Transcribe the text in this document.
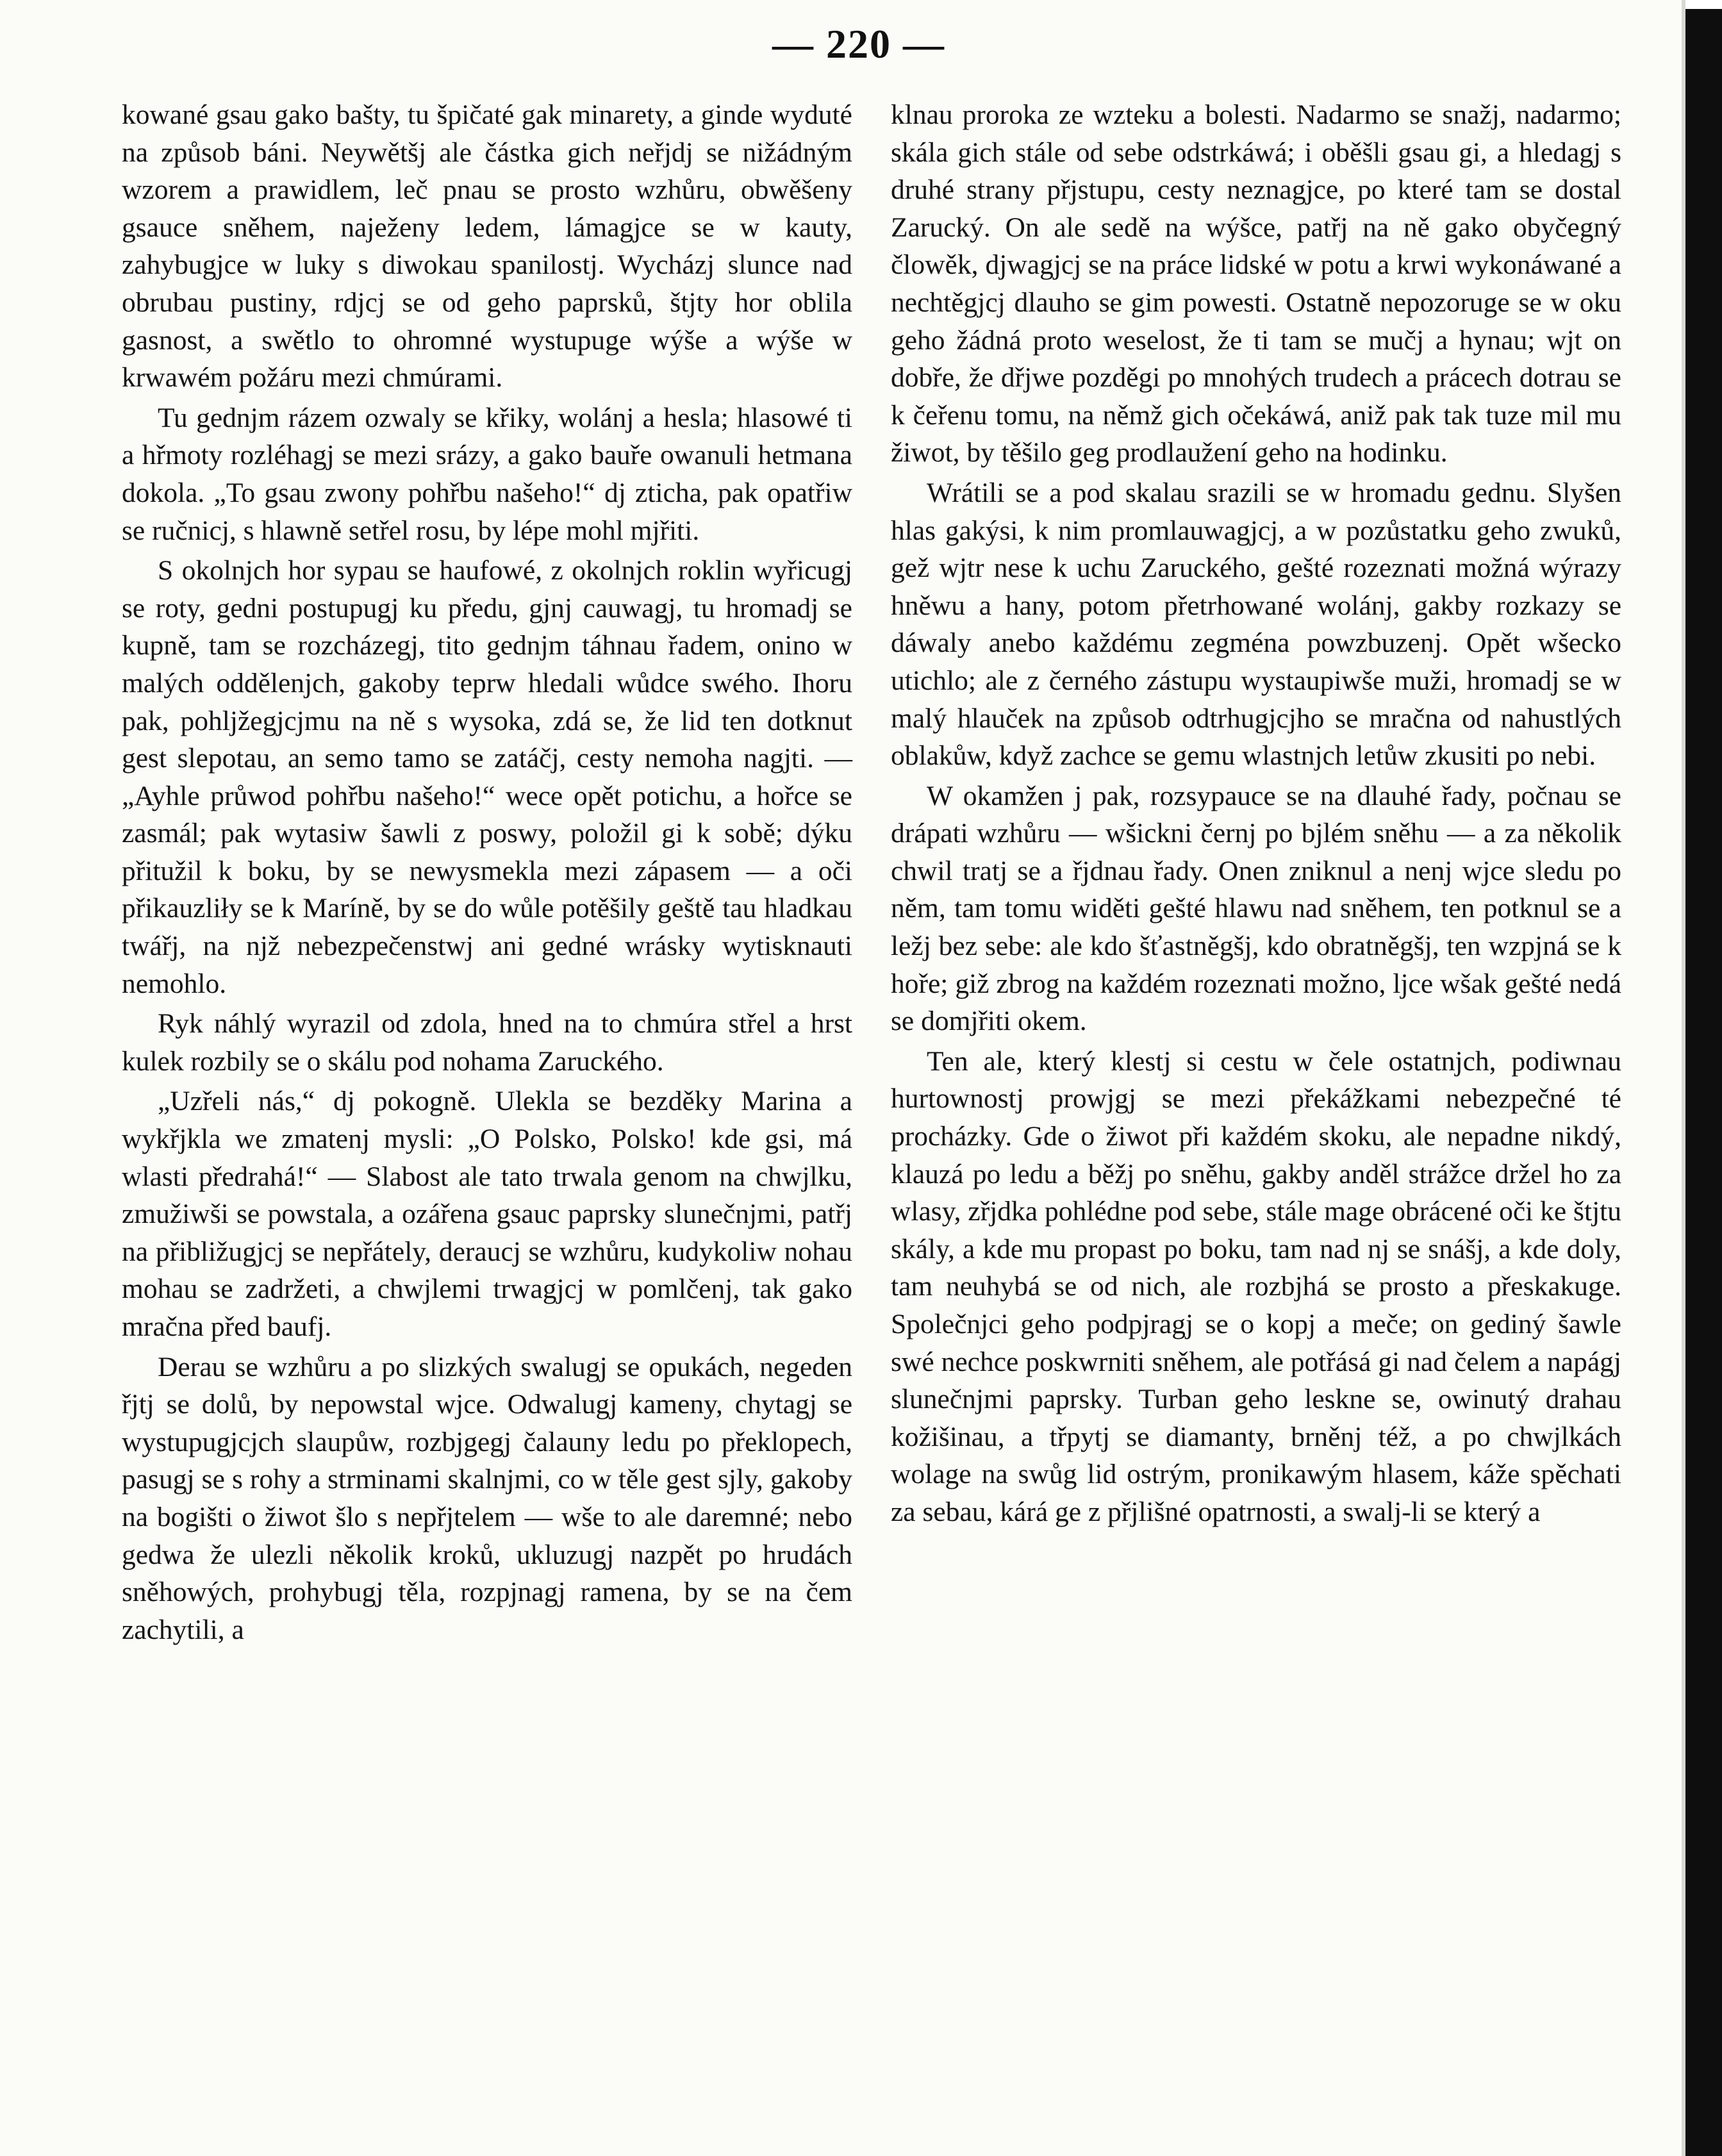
— 220 —

kowané gsau gako bašty, tu špičaté gak minarety, a ginde wyduté na způsob báni. Neywětšj ale částka gich neřjdj se nižádným wzorem a prawidlem, leč pnau se prosto wzhůru, obwěšeny gsauce sněhem, naježeny ledem, lámagjce se w kauty, zahybugjce w luky s diwokau spanilostj. Wycházj slunce nad obrubau pustiny, rdjcj se od geho paprsků, štjty hor oblila gasnost, a swětlo to ohromné wystupuge wýše a wýše w krwawém požáru mezi chmúrami.

Tu gednjm rázem ozwaly se křiky, wolánj a hesla; hlasowé ti a hřmoty rozléhagj se mezi srázy, a gako bauře owanuli hetmana dokola. „To gsau zwony pohřbu našeho!“ dj zticha, pak opatřiw se ručnicj, s hlawně setřel rosu, by lépe mohl mjřiti.

S okolnjch hor sypau se haufowé, z okolnjch roklin wyřicugj se roty, gedni postupugj ku předu, gjnj cauwagj, tu hromadj se kupně, tam se rozcházegj, tito gednjm táhnau řadem, onino w malých oddělenjch, gakoby teprw hledali wůdce swého. Ihoru pak, pohljžegjcjmu na ně s wysoka, zdá se, že lid ten dotknut gest slepotau, an semo tamo se zatáčj, cesty nemoha nagjti. — „Ayhle průwod pohřbu našeho!“ wece opět potichu, a hořce se zasmál; pak wytasiw šawli z poswy, položil gi k sobě; dýku přitužil k boku, by se newysmekla mezi zápasem — a oči přikauzliły se k Maríně, by se do wůle potěšily geště tau hladkau twářj, na njž nebezpečenstwj ani gedné wrásky wytisknauti nemohlo.

Ryk náhlý wyrazil od zdola, hned na to chmúra střel a hrst kulek rozbily se o skálu pod nohama Zaruckého.

„Uzřeli nás,“ dj pokogně. Ulekla se bezděky Marina a wykřjkla we zmatenj mysli: „O Polsko, Polsko! kde gsi, má wlasti předrahá!“ — Slabost ale tato trwala genom na chwjlku, zmužiwši se powstala, a ozářena gsauc paprsky slunečnjmi, patřj na přibližugjcj se nepřátely, deraucj se wzhůru, kudykoliw nohau mohau se zadržeti, a chwjlemi trwagjcj w pomlčenj, tak gako mračna před baufj.

Derau se wzhůru a po slizkých swalugj se opukách, negeden řjtj se dolů, by nepowstal wjce. Odwalugj kameny, chytagj se wystupugjcjch slaupůw, rozbjgegj čalauny ledu po překlopech, pasugj se s rohy a strminami skalnjmi, co w těle gest sjly, gakoby na bogišti o žiwot šlo s nepřjtelem — wše to ale daremné; nebo gedwa že ulezli několik kroků, ukluzugj nazpět po hrudách sněhowých, prohybugj těla, rozpjnagj ramena, by se na čem zachytili, a

klnau proroka ze wzteku a bolesti. Nadarmo se snažj, nadarmo; skála gich stále od sebe odstrkáwá; i oběšli gsau gi, a hledagj s druhé strany přjstupu, cesty neznagjce, po které tam se dostal Zarucký. On ale sedě na wýšce, patřj na ně gako obyčegný člowěk, djwagjcj se na práce lidské w potu a krwi wykonáwané a nechtěgjcj dlauho se gim powesti. Ostatně nepozoruge se w oku geho žádná proto weselost, že ti tam se mučj a hynau; wjt on dobře, že dřjwe pozděgi po mnohých trudech a prácech dotrau se k čeřenu tomu, na němž gich očekáwá, aniž pak tak tuze mil mu žiwot, by těšilo geg prodlaužení geho na hodinku.

Wrátili se a pod skalau srazili se w hromadu gednu. Slyšen hlas gakýsi, k nim promlauwagjcj, a w pozůstatku geho zwuků, gež wjtr nese k uchu Zaruckého, gešté rozeznati možná wýrazy hněwu a hany, potom přetrhowané wolánj, gakby rozkazy se dáwaly anebo každému zegména powzbuzenj. Opět wšecko utichlo; ale z černého zástupu wystaupiwše muži, hromadj se w malý hlauček na způsob odtrhugjcjho se mračna od nahustlých oblakůw, když zachce se gemu wlastnjch letůw zkusiti po nebi.

W okamžen j pak, rozsypauce se na dlauhé řady, počnau se drápati wzhůru — wšickni černj po bjlém sněhu — a za několik chwil tratj se a řjdnau řady. Onen zniknul a nenj wjce sledu po něm, tam tomu widěti gešté hlawu nad sněhem, ten potknul se a ležj bez sebe: ale kdo šťastněgšj, kdo obratněgšj, ten wzpjná se k hoře; giž zbrog na každém rozeznati možno, ljce wšak gešté nedá se domjřiti okem.

Ten ale, který klestj si cestu w čele ostatnjch, podiwnau hurtownostj prowjgj se mezi překážkami nebezpečné té procházky. Gde o žiwot při každém skoku, ale nepadne nikdý, klauzá po ledu a běžj po sněhu, gakby anděl strážce držel ho za wlasy, zřjdka pohlédne pod sebe, stále mage obrácené oči ke štjtu skály, a kde mu propast po boku, tam nad nj se snášj, a kde doly, tam neuhybá se od nich, ale rozbjhá se prosto a přeskakuge. Společnjci geho podpjragj se o kopj a meče; on gediný šawle swé nechce poskwrniti sněhem, ale potřásá gi nad čelem a napágj slunečnjmi paprsky. Turban geho leskne se, owinutý drahau kožišinau, a třpytj se diamanty, brněnj též, a po chwjlkách wolage na swůg lid ostrým, pronikawým hlasem, káže spěchati za sebau, kárá ge z přjlišné opatrnosti, a swalj-li se který a
